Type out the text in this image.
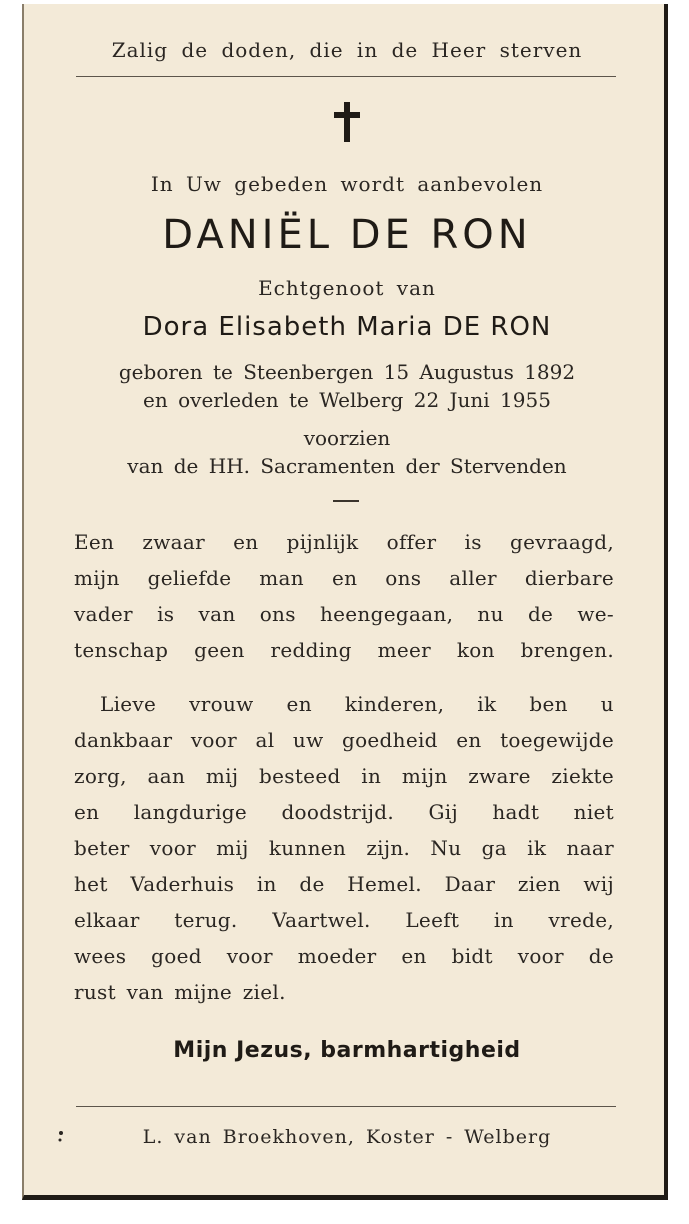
Zalig de doden, die in de Heer sterven
In Uw gebeden wordt aanbevolen
DANIËL DE RON
Echtgenoot van
Dora Elisabeth Maria DE RON
geboren te Steenbergen 15 Augustus 1892
en overleden te Welberg 22 Juni 1955
voorzien
van de HH. Sacramenten der Stervenden
Een zwaar en pijnlijk offer is gevraagd,
mijn geliefde man en ons aller dierbare
vader is van ons heengegaan, nu de we-
tenschap geen redding meer kon brengen.
Lieve vrouw en kinderen, ik ben u
dankbaar voor al uw goedheid en toegewijde
zorg, aan mij besteed in mijn zware ziekte
en langdurige doodstrijd. Gij hadt niet
beter voor mij kunnen zijn. Nu ga ik naar
het Vaderhuis in de Hemel. Daar zien wij
elkaar terug. Vaartwel. Leeft in vrede,
wees goed voor moeder en bidt voor de
rust van mijne ziel.
Mijn Jezus, barmhartigheid
L. van Broekhoven, Koster - Welberg
